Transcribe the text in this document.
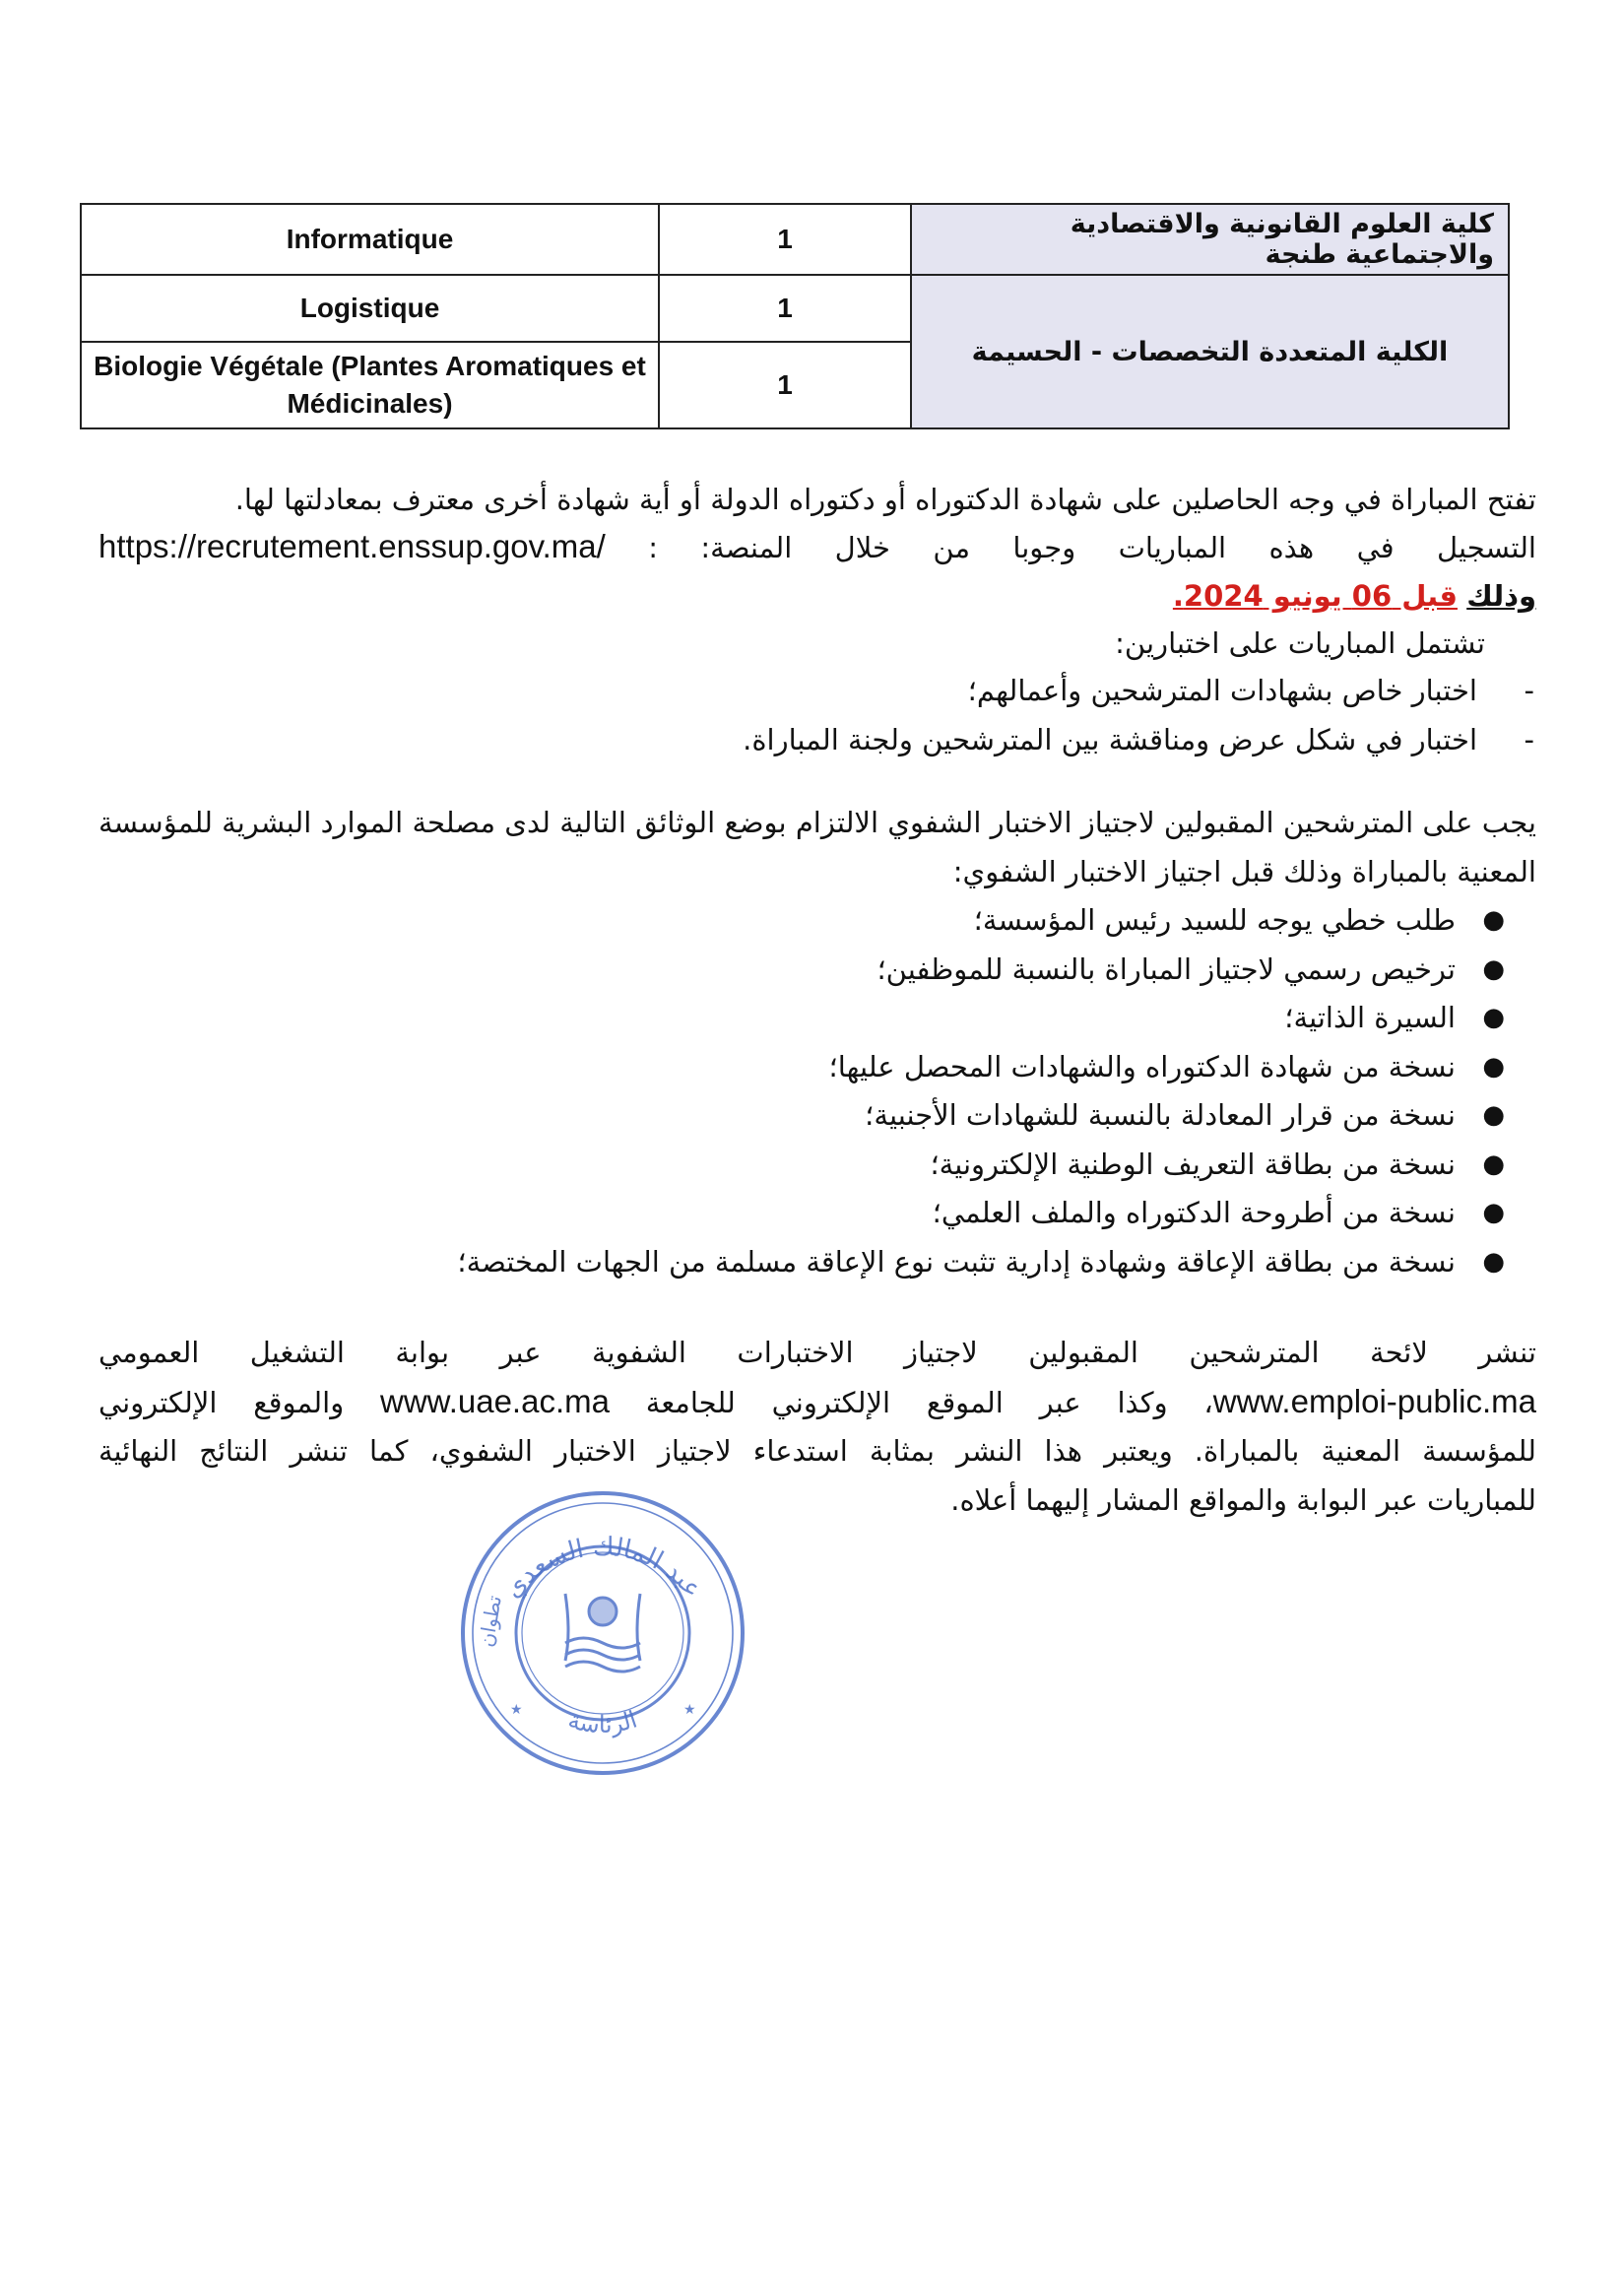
Informatique	1	كلية العلوم القانونية والاقتصادية والاجتماعية طنجة
Logistique	1	الكلية المتعددة التخصصات - الحسيمة
Biologie Végétale (Plantes Aromatiques et Médicinales)	1	
تفتح المباراة في وجه الحاصلين على شهادة الدكتوراه أو دكتوراه الدولة أو أية شهادة أخرى معترف بمعادلتها لها.
التسجيل في هذه المباريات وجوبا من خلال المنصة: : https://recrutement.enssup.gov.ma/
وذلك قبل 06 يونيو 2024.
تشتمل المباريات على اختبارين:
-
اختبار خاص بشهادات المترشحين وأعمالهم؛
-
اختبار في شكل عرض ومناقشة بين المترشحين ولجنة المباراة.
يجب على المترشحين المقبولين لاجتياز الاختبار الشفوي الالتزام بوضع الوثائق التالية لدى مصلحة الموارد البشرية للمؤسسة المعنية بالمباراة وذلك قبل اجتياز الاختبار الشفوي:
●
طلب خطي يوجه للسيد رئيس المؤسسة؛
●
ترخيص رسمي لاجتياز المباراة بالنسبة للموظفين؛
●
السيرة الذاتية؛
●
نسخة من شهادة الدكتوراه والشهادات المحصل عليها؛
●
نسخة من قرار المعادلة بالنسبة للشهادات الأجنبية؛
●
نسخة من بطاقة التعريف الوطنية الإلكترونية؛
●
نسخة من أطروحة الدكتوراه والملف العلمي؛
●
نسخة من بطاقة الإعاقة وشهادة إدارية تثبت نوع الإعاقة مسلمة من الجهات المختصة؛
تنشر لائحة المترشحين المقبولين لاجتياز الاختبارات الشفوية عبر بوابة التشغيل العمومي
www.emploi-public.ma، وكذا عبر الموقع الإلكتروني للجامعة www.uae.ac.ma والموقع الإلكتروني
للمؤسسة المعنية بالمباراة. ويعتبر هذا النشر بمثابة استدعاء لاجتياز الاختبار الشفوي، كما تنشر النتائج النهائية
للمباريات عبر البوابة والمواقع المشار إليهما أعلاه.
عبد المالك السعدي
الرئاسة
تطوان
★	★
